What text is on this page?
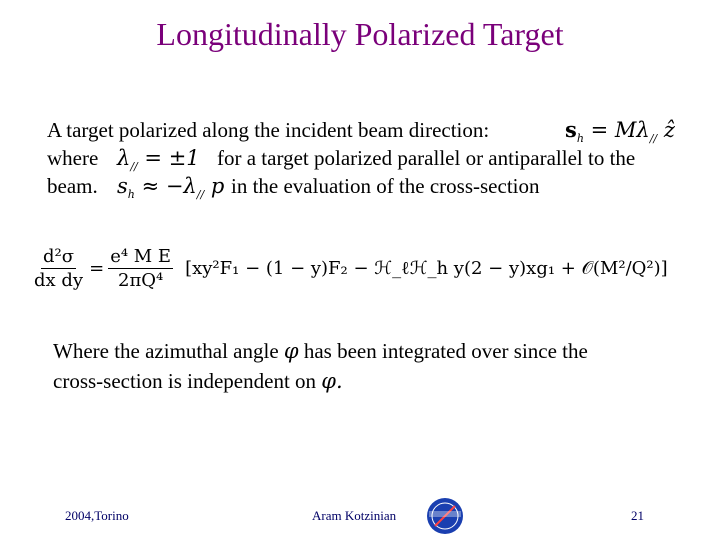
Longitudinally Polarized Target
A target polarized along the incident beam direction:	$s_h = M\lambda_{//}$ ẑ
where $\lambda_{//} = \pm 1$ for a target polarized parallel or antiparallel to the
beam. $s_h \approx -\lambda_{//}$ p in the evaluation of the cross-section
$\frac{\text{d²σ}}{\text{dx dy}} = \frac{\text{e⁴ M E}}{\text{2πQ⁴}} [xy^2F_1 - (1 - y)F_2$ − ℋ_ℓℋ_h y(2 − y)xg₁ + 𝒪(M²/Q²)]
Where the azimuthal angle φ has been integrated over since the
cross-section is independent on φ.
2004,Torino	Aram Kotzinian	21
